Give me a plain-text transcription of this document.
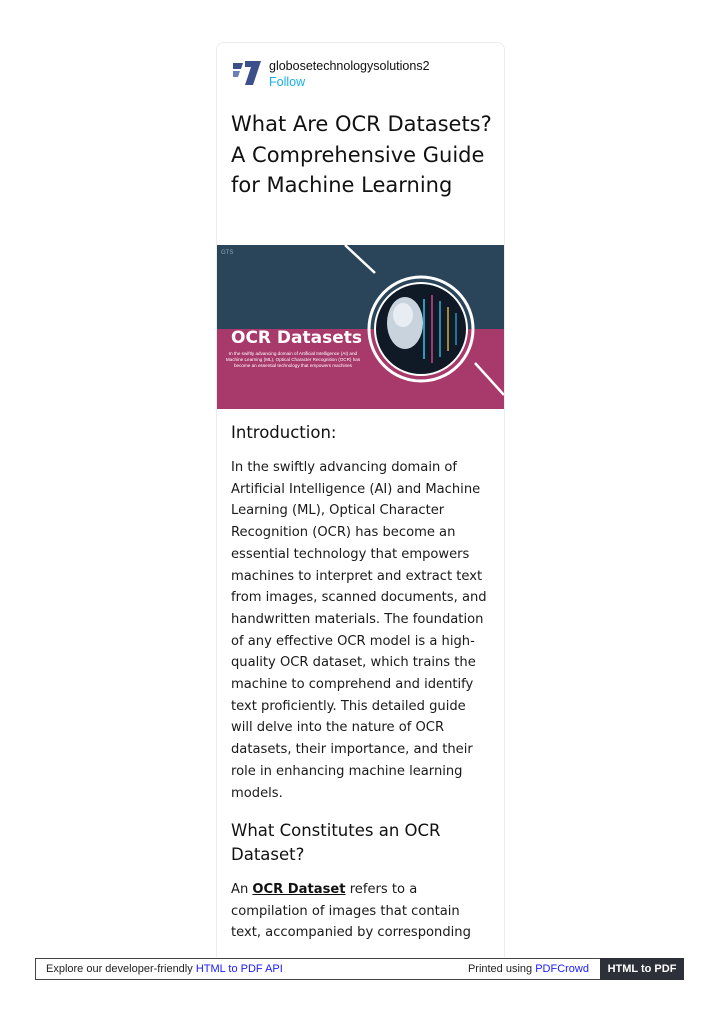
globosetechnologysolutions2
Follow
What Are OCR Datasets? A Comprehensive Guide for Machine Learning
GTS
OCR Datasets
In the swiftly advancing domain of Artificial Intelligence (AI) and Machine Learning (ML), Optical Character Recognition (OCR) has become an essential technology that empowers machines
Introduction:

In the swiftly advancing domain of Artificial Intelligence (AI) and Machine Learning (ML), Optical Character Recognition (OCR) has become an essential technology that empowers machines to interpret and extract text from images, scanned documents, and handwritten materials. The foundation of any effective OCR model is a high-quality OCR dataset, which trains the machine to comprehend and identify text proficiently. This detailed guide will delve into the nature of OCR datasets, their importance, and their role in enhancing machine learning models.

What Constitutes an OCR Dataset?

An OCR Dataset refers to a compilation of images that contain text, accompanied by corresponding

Explore our developer-friendly HTML to PDF API	Printed using PDFCrowd	HTML to PDF
